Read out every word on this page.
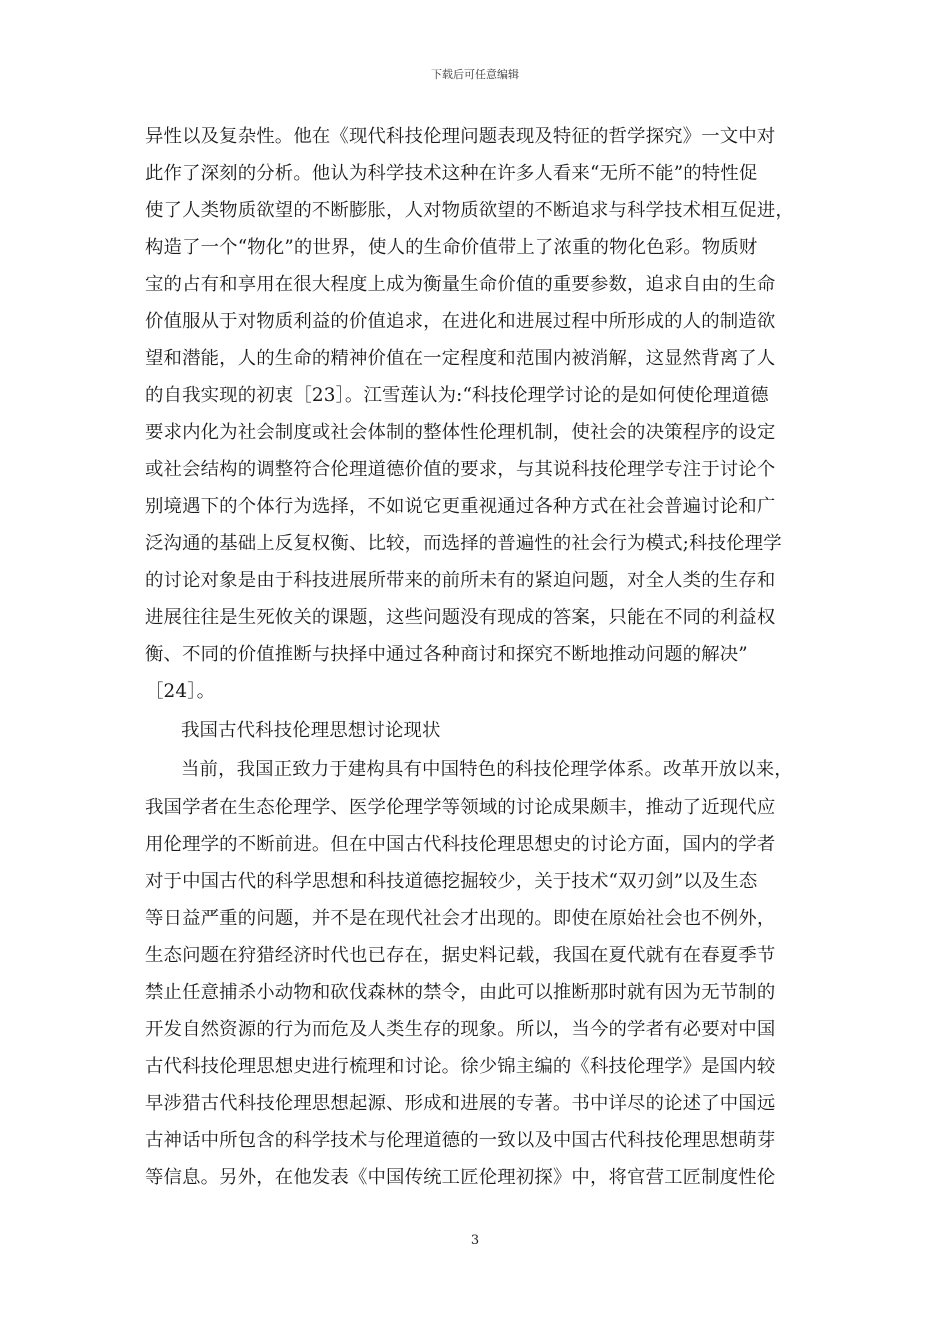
下载后可任意编辑
异性以及复杂性。他在《现代科技伦理问题表现及特征的哲学探究》一文中对
此作了深刻的分析。他认为科学技术这种在许多人看来“无所不能”的特性促
使了人类物质欲望的不断膨胀，人对物质欲望的不断追求与科学技术相互促进，
构造了一个“物化”的世界，使人的生命价值带上了浓重的物化色彩。物质财
宝的占有和享用在很大程度上成为衡量生命价值的重要参数，追求自由的生命
价值服从于对物质利益的价值追求，在进化和进展过程中所形成的人的制造欲
望和潜能，人的生命的精神价值在一定程度和范围内被消解，这显然背离了人
的自我实现的初衷［23］。江雪莲认为:“科技伦理学讨论的是如何使伦理道德
要求内化为社会制度或社会体制的整体性伦理机制，使社会的决策程序的设定
或社会结构的调整符合伦理道德价值的要求，与其说科技伦理学专注于讨论个
别境遇下的个体行为选择，不如说它更重视通过各种方式在社会普遍讨论和广
泛沟通的基础上反复权衡、比较，而选择的普遍性的社会行为模式;科技伦理学
的讨论对象是由于科技进展所带来的前所未有的紧迫问题，对全人类的生存和
进展往往是生死攸关的课题，这些问题没有现成的答案，只能在不同的利益权
衡、不同的价值推断与抉择中通过各种商讨和探究不断地推动问题的解决”
［24］。
我国古代科技伦理思想讨论现状
当前，我国正致力于建构具有中国特色的科技伦理学体系。改革开放以来，
我国学者在生态伦理学、医学伦理学等领域的讨论成果颇丰，推动了近现代应
用伦理学的不断前进。但在中国古代科技伦理思想史的讨论方面，国内的学者
对于中国古代的科学思想和科技道德挖掘较少，关于技术“双刃剑”以及生态
等日益严重的问题，并不是在现代社会才出现的。即使在原始社会也不例外，
生态问题在狩猎经济时代也已存在，据史料记载，我国在夏代就有在春夏季节
禁止任意捕杀小动物和砍伐森林的禁令，由此可以推断那时就有因为无节制的
开发自然资源的行为而危及人类生存的现象。所以，当今的学者有必要对中国
古代科技伦理思想史进行梳理和讨论。徐少锦主编的《科技伦理学》是国内较
早涉猎古代科技伦理思想起源、形成和进展的专著。书中详尽的论述了中国远
古神话中所包含的科学技术与伦理道德的一致以及中国古代科技伦理思想萌芽
等信息。另外，在他发表《中国传统工匠伦理初探》中，将官营工匠制度性伦
3
